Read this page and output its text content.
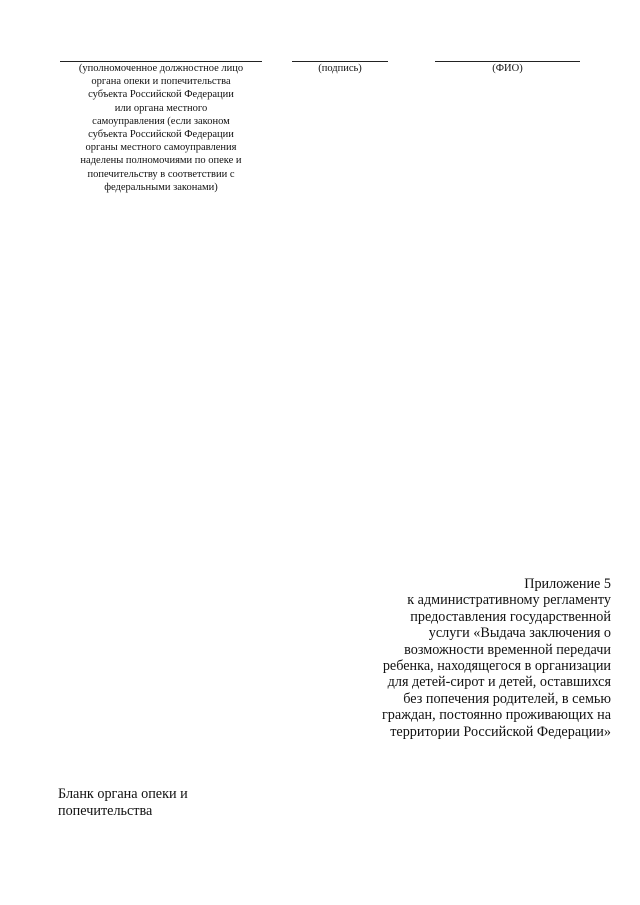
(уполномоченное должностное лицо
органа опеки и попечительства
субъекта Российской Федерации
или органа местного
самоуправления (если законом
субъекта Российской Федерации
органы местного самоуправления
наделены полномочиями по опеке и
попечительству в соответствии с
федеральными законами)
(подпись)	(ФИО)
Приложение 5
к административному регламенту
предоставления государственной
услуги «Выдача заключения о
возможности временной передачи
ребенка, находящегося в организации
для детей-сирот и детей, оставшихся
без попечения родителей, в семью
граждан, постоянно проживающих на
территории Российской Федерации»
Бланк органа опеки и
попечительства
